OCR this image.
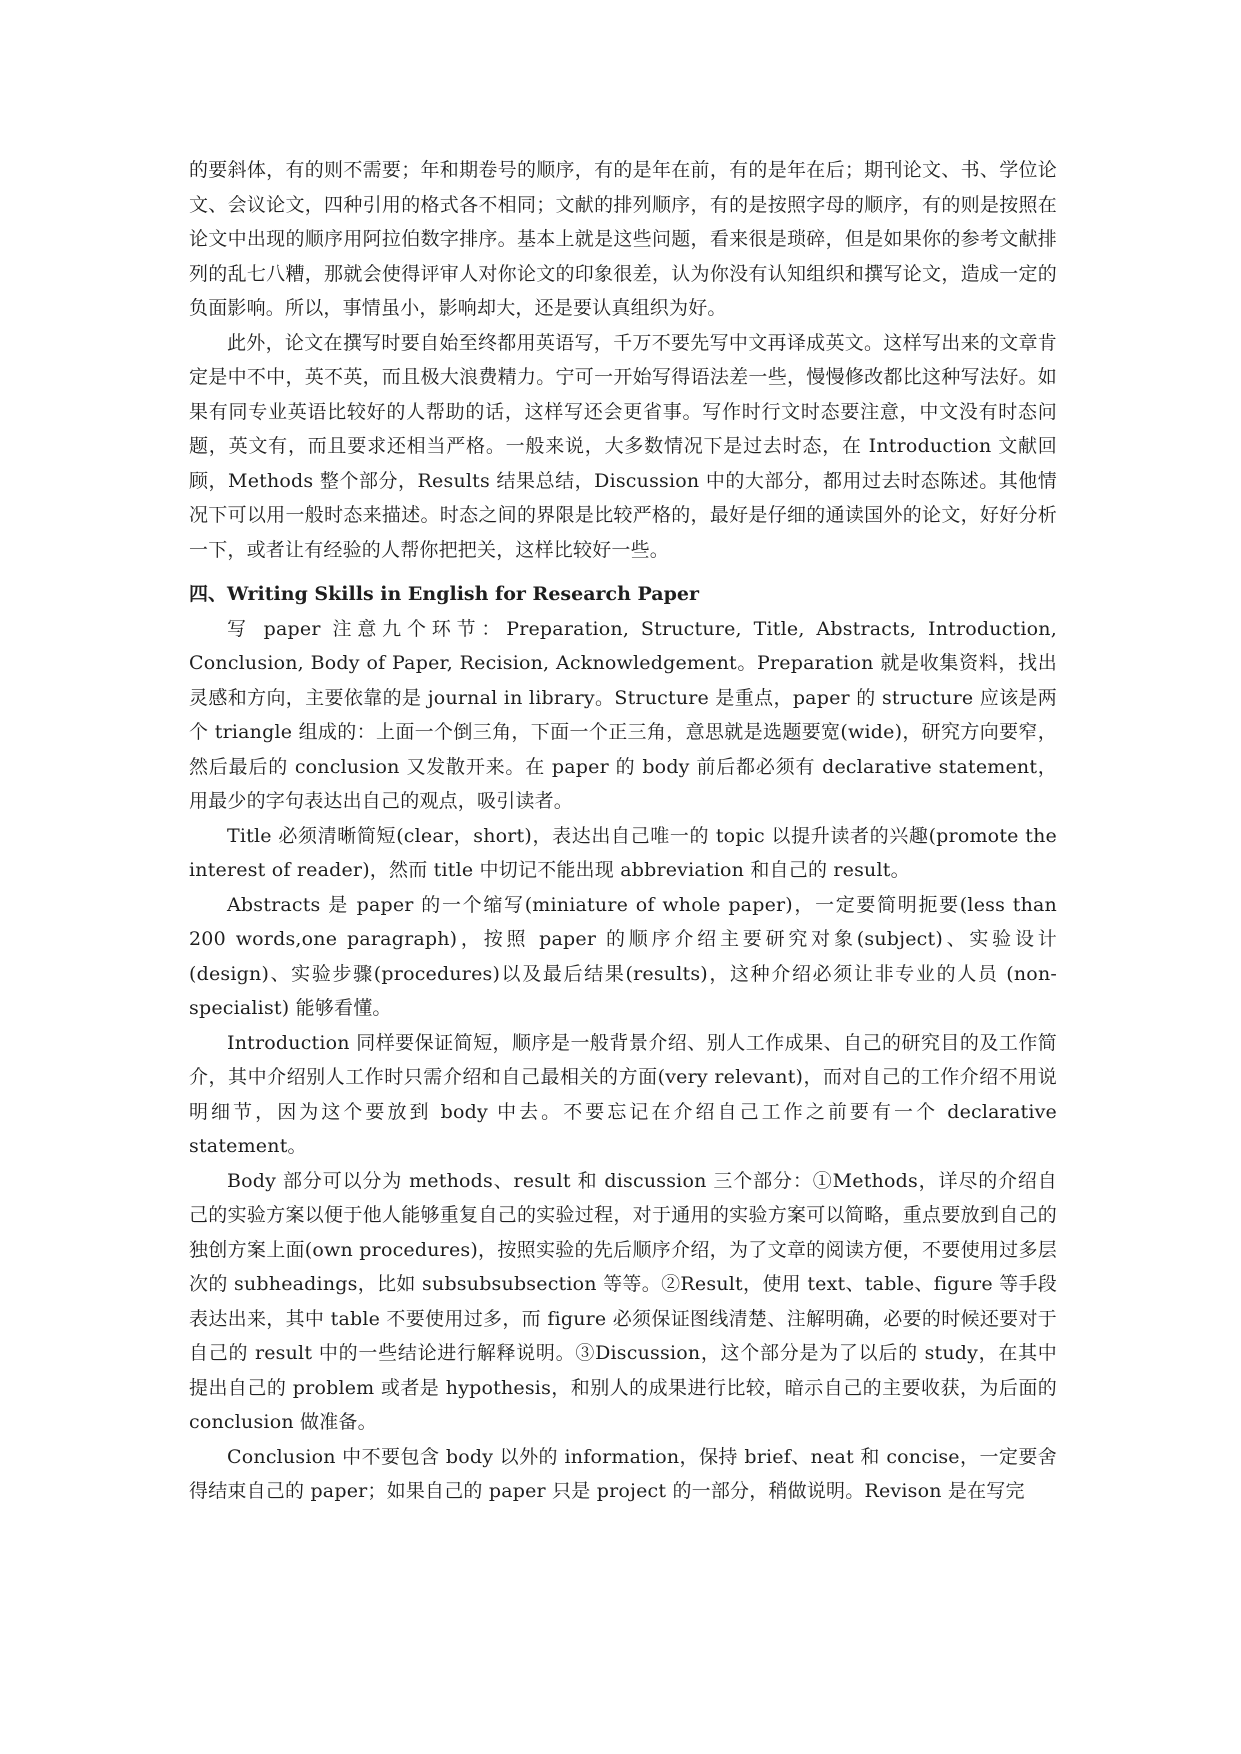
的要斜体，有的则不需要；年和期卷号的顺序，有的是年在前，有的是年在后；期刊论文、书、学位论文、会议论文，四种引用的格式各不相同；文献的排列顺序，有的是按照字母的顺序，有的则是按照在论文中出现的顺序用阿拉伯数字排序。基本上就是这些问题，看来很是琐碎，但是如果你的参考文献排列的乱七八糟，那就会使得评审人对你论文的印象很差，认为你没有认知组织和撰写论文，造成一定的负面影响。所以，事情虽小，影响却大，还是要认真组织为好。

此外，论文在撰写时要自始至终都用英语写，千万不要先写中文再译成英文。这样写出来的文章肯定是中不中，英不英，而且极大浪费精力。宁可一开始写得语法差一些，慢慢修改都比这种写法好。如果有同专业英语比较好的人帮助的话，这样写还会更省事。写作时行文时态要注意，中文没有时态问题，英文有，而且要求还相当严格。一般来说，大多数情况下是过去时态，在 Introduction 文献回顾，Methods 整个部分，Results 结果总结，Discussion 中的大部分，都用过去时态陈述。其他情况下可以用一般时态来描述。时态之间的界限是比较严格的，最好是仔细的通读国外的论文，好好分析一下，或者让有经验的人帮你把把关，这样比较好一些。

四、Writing Skills in English for Research Paper

写 paper 注意九个环节：Preparation, Structure, Title, Abstracts, Introduction, Conclusion, Body of Paper, Recision, Acknowledgement。Preparation 就是收集资料，找出灵感和方向，主要依靠的是 journal in library。Structure 是重点，paper 的 structure 应该是两个 triangle 组成的：上面一个倒三角，下面一个正三角，意思就是选题要宽(wide)，研究方向要窄，然后最后的 conclusion 又发散开来。在 paper 的 body 前后都必须有 declarative statement，用最少的字句表达出自己的观点，吸引读者。

Title 必须清晰简短(clear，short)，表达出自己唯一的 topic 以提升读者的兴趣(promote the interest of reader)，然而 title 中切记不能出现 abbreviation 和自己的 result。

Abstracts 是 paper 的一个缩写(miniature of whole paper)，一定要简明扼要(less than 200 words,one paragraph)，按照 paper 的顺序介绍主要研究对象(subject)、实验设计(design)、实验步骤(procedures)以及最后结果(results)，这种介绍必须让非专业的人员 (non-specialist) 能够看懂。

Introduction 同样要保证简短，顺序是一般背景介绍、别人工作成果、自己的研究目的及工作简介，其中介绍别人工作时只需介绍和自己最相关的方面(very relevant)，而对自己的工作介绍不用说明细节，因为这个要放到 body 中去。不要忘记在介绍自己工作之前要有一个 declarative statement。

Body 部分可以分为 methods、result 和 discussion 三个部分：①Methods，详尽的介绍自己的实验方案以便于他人能够重复自己的实验过程，对于通用的实验方案可以简略，重点要放到自己的独创方案上面(own procedures)，按照实验的先后顺序介绍，为了文章的阅读方便，不要使用过多层次的 subheadings，比如 subsubsubsection 等等。②Result，使用 text、table、figure 等手段表达出来，其中 table 不要使用过多，而 figure 必须保证图线清楚、注解明确，必要的时候还要对于自己的 result 中的一些结论进行解释说明。③Discussion，这个部分是为了以后的 study，在其中提出自己的 problem 或者是 hypothesis，和别人的成果进行比较，暗示自己的主要收获，为后面的 conclusion 做准备。

Conclusion 中不要包含 body 以外的 information，保持 brief、neat 和 concise，一定要舍得结束自己的 paper；如果自己的 paper 只是 project 的一部分，稍做说明。Revison 是在写完
